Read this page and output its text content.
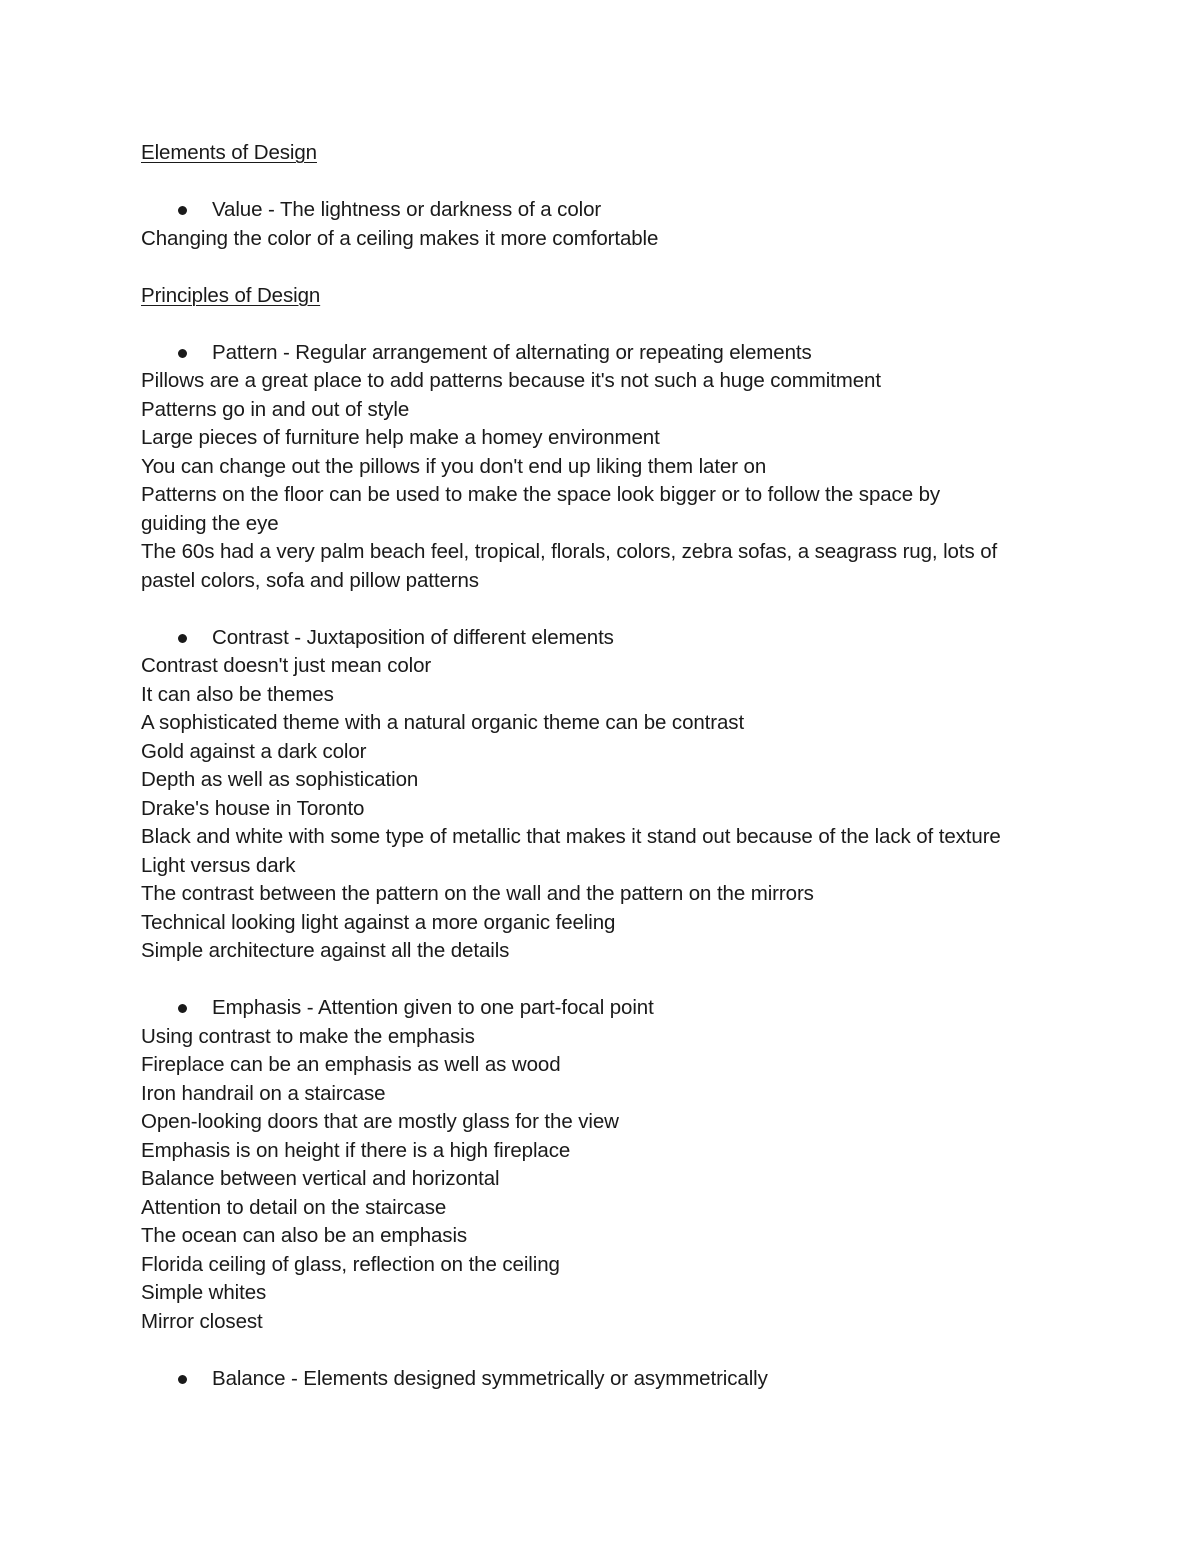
Elements of Design

Value - The lightness or darkness of a color

Changing the color of a ceiling makes it more comfortable

Principles of Design

Pattern - Regular arrangement of alternating or repeating elements

Pillows are a great place to add patterns because it's not such a huge commitment

Patterns go in and out of style

Large pieces of furniture help make a homey environment

You can change out the pillows if you don't end up liking them later on

Patterns on the floor can be used to make the space look bigger or to follow the space by

guiding the eye

The 60s had a very palm beach feel, tropical, florals, colors, zebra sofas, a seagrass rug, lots of

pastel colors, sofa and pillow patterns

Contrast - Juxtaposition of different elements

Contrast doesn't just mean color

It can also be themes

A sophisticated theme with a natural organic theme can be contrast

Gold against a dark color

Depth as well as sophistication

Drake's house in Toronto

Black and white with some type of metallic that makes it stand out because of the lack of texture

Light versus dark

The contrast between the pattern on the wall and the pattern on the mirrors

Technical looking light against a more organic feeling

Simple architecture against all the details

Emphasis - Attention given to one part-focal point

Using contrast to make the emphasis

Fireplace can be an emphasis as well as wood

Iron handrail on a staircase

Open-looking doors that are mostly glass for the view

Emphasis is on height if there is a high fireplace

Balance between vertical and horizontal

Attention to detail on the staircase

The ocean can also be an emphasis

Florida ceiling of glass, reflection on the ceiling

Simple whites

Mirror closest

Balance - Elements designed symmetrically or asymmetrically
